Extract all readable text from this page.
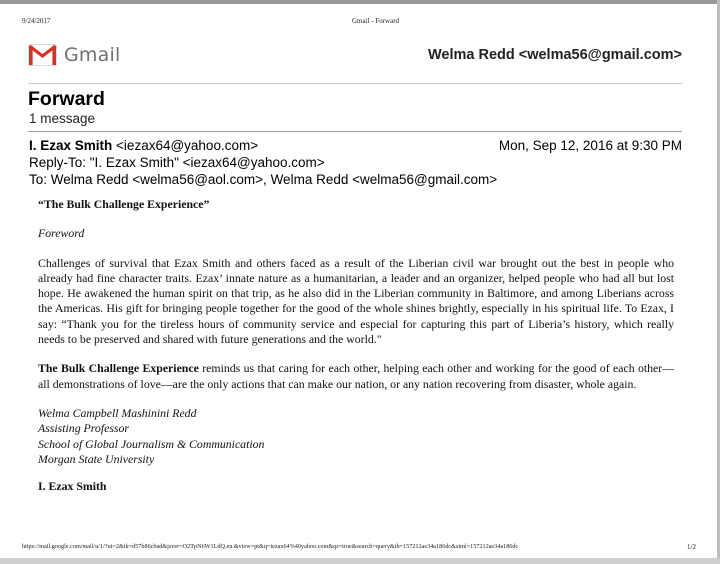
9/24/2017	Gmail - Forward
Gmail	Welma Redd <welma56@gmail.com>
Forward
1 message
I. Ezax Smith <iezax64@yahoo.com>	Mon, Sep 12, 2016 at 9:30 PM
Reply-To: "I. Ezax Smith" <iezax64@yahoo.com>
To: Welma Redd <welma56@aol.com>, Welma Redd <welma56@gmail.com>

“The Bulk Challenge Experience”

Foreword

Challenges of survival that Ezax Smith and others faced as a result of the Liberian civil war brought out the best in people who already had fine character traits. Ezax’ innate nature as a humanitarian, a leader and an organizer, helped people who had all but lost hope. He awakened the human spirit on that trip, as he also did in the Liberian community in Baltimore, and among Liberians across the Americas. His gift for bringing people together for the good of the whole shines brightly, especially in his spiritual life. To Ezax, I say: “Thank you for the tireless hours of community service and especial for capturing this part of Liberia’s history, which really needs to be preserved and shared with future generations and the world."

The Bulk Challenge Experience reminds us that caring for each other, helping each other and working for the good of each other—all demonstrations of love—are the only actions that can make our nation, or any nation recovering from disaster, whole again.

Welma Campbell Mashinini Redd

Assisting Professor

School of Global Journalism & Communication

Morgan State University

I. Ezax Smith

https://mail.google.com/mail/u/1/?ui=2&ik=d57b86cbad&jsver=O2TpN6W1LdQ.en.&view=pt&q=iezax64%40yahoo.com&qs=true&search=query&th=157212ae34a186dc&siml=157212ae34a186dc	1/2
